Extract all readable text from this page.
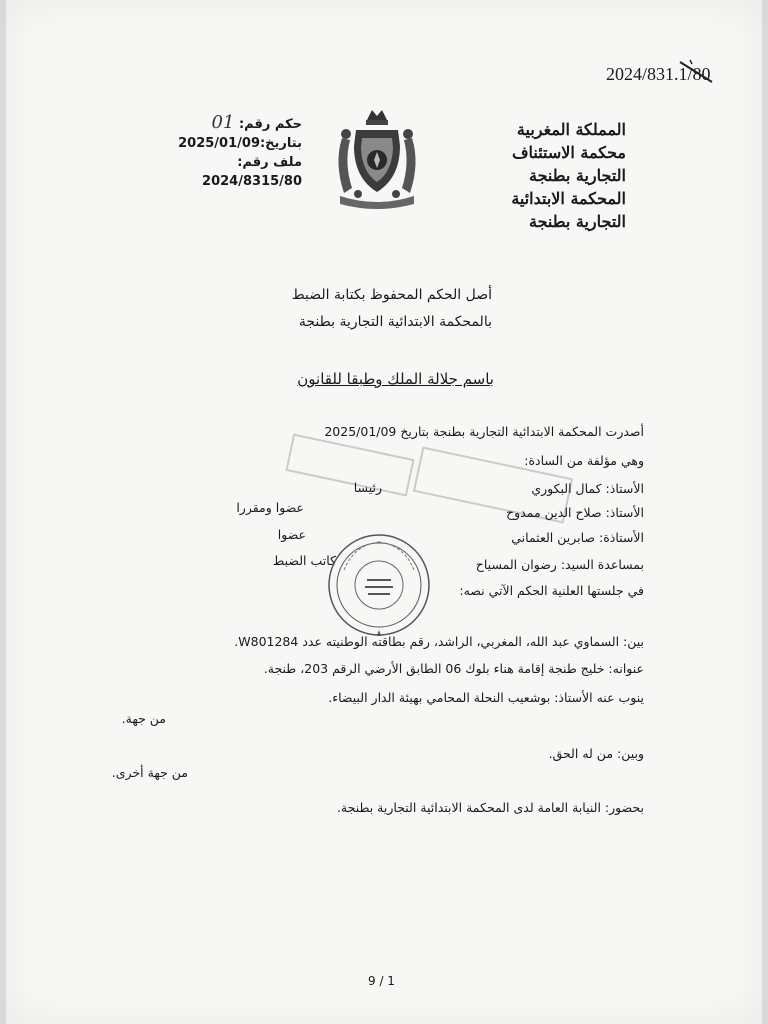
2024/831.1/80
المملكة المغربية
محكمة الاستئناف
التجارية بطنجة
المحكمة الابتدائية
التجارية بطنجة
حكم رقم: 01
بتاريخ:2025/01/09
ملف رقم:
2024/8315/80
أصل الحكم المحفوظ بكتابة الضبط
بالمحكمة الابتدائية التجارية بطنجة
باسم جلالة الملك وطبقا للقانون
أصدرت المحكمة الابتدائية التجارية بطنجة بتاريخ 2025/01/09
وهي مؤلفة من السادة:
الأستاذ: كمال البكوري
رئيسا
الأستاذ: صلاح الدين ممدوح
عضوا ومقررا
الأستاذة: صابرين العثماني
عضوا
بمساعدة السيد: رضوان المسياح
كاتب الضبط
في جلستها العلنية الحكم الآتي نصه:
بين: السماوي عبد الله، المغربي، الراشد، رقم بطاقته الوطنيته عدد W801284.
عنوانه: خليج طنجة إقامة هناء بلوك 06 الطابق الأرضي الرقم 203، طنجة.
ينوب عنه الأستاذ: بوشعيب النحلة المحامي بهيئة الدار البيضاء.
من جهة.
وبين: من له الحق.
من جهة أخرى.
بحضور: النيابة العامة لدى المحكمة الابتدائية التجارية بطنجة.
9 / 1
